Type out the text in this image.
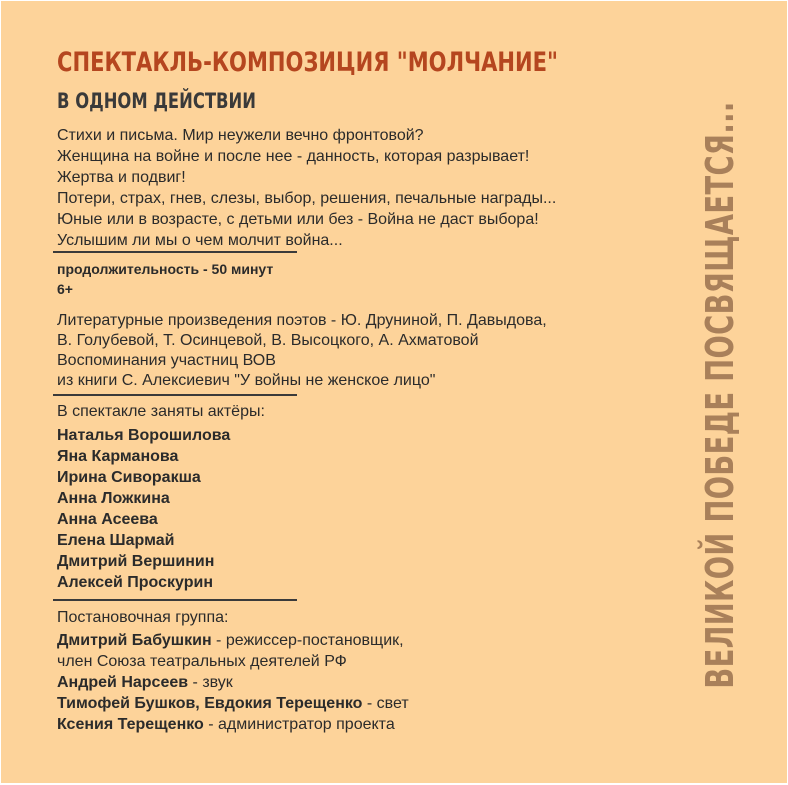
СПЕКТАКЛЬ-КОМПОЗИЦИЯ "МОЛЧАНИЕ"
В ОДНОМ ДЕЙСТВИИ
Стихи и письма. Мир неужели вечно фронтовой?
Женщина на войне и после нее - данность, которая разрывает!
Жертва и подвиг!
Потери, страх, гнев, слезы, выбор, решения, печальные награды...
Юные или в возрасте, с детьми или без - Война не даст выбора!
Услышим ли мы о чем молчит война...
продолжительность - 50 минут
6+
Литературные произведения поэтов - Ю. Друниной, П. Давыдова,
В. Голубевой, Т. Осинцевой, В. Высоцкого, А. Ахматовой
Воспоминания участниц ВОВ
из книги С. Алексиевич "У войны не женское лицо"
В спектакле заняты актёры:
Наталья Ворошилова
Яна Карманова
Ирина Сиворакша
Анна Ложкина
Анна Асеева
Елена Шармай
Дмитрий Вершинин
Алексей Проскурин
Постановочная группа:
Дмитрий Бабушкин - режиссер-постановщик,
член Союза театральных деятелей РФ
Андрей Нарсеев - звук
Тимофей Бушков, Евдокия Терещенко - свет
Ксения Терещенко - администратор проекта
ВЕЛИКОЙ ПОБЕДЕ ПОСВЯЩАЕТСЯ...
